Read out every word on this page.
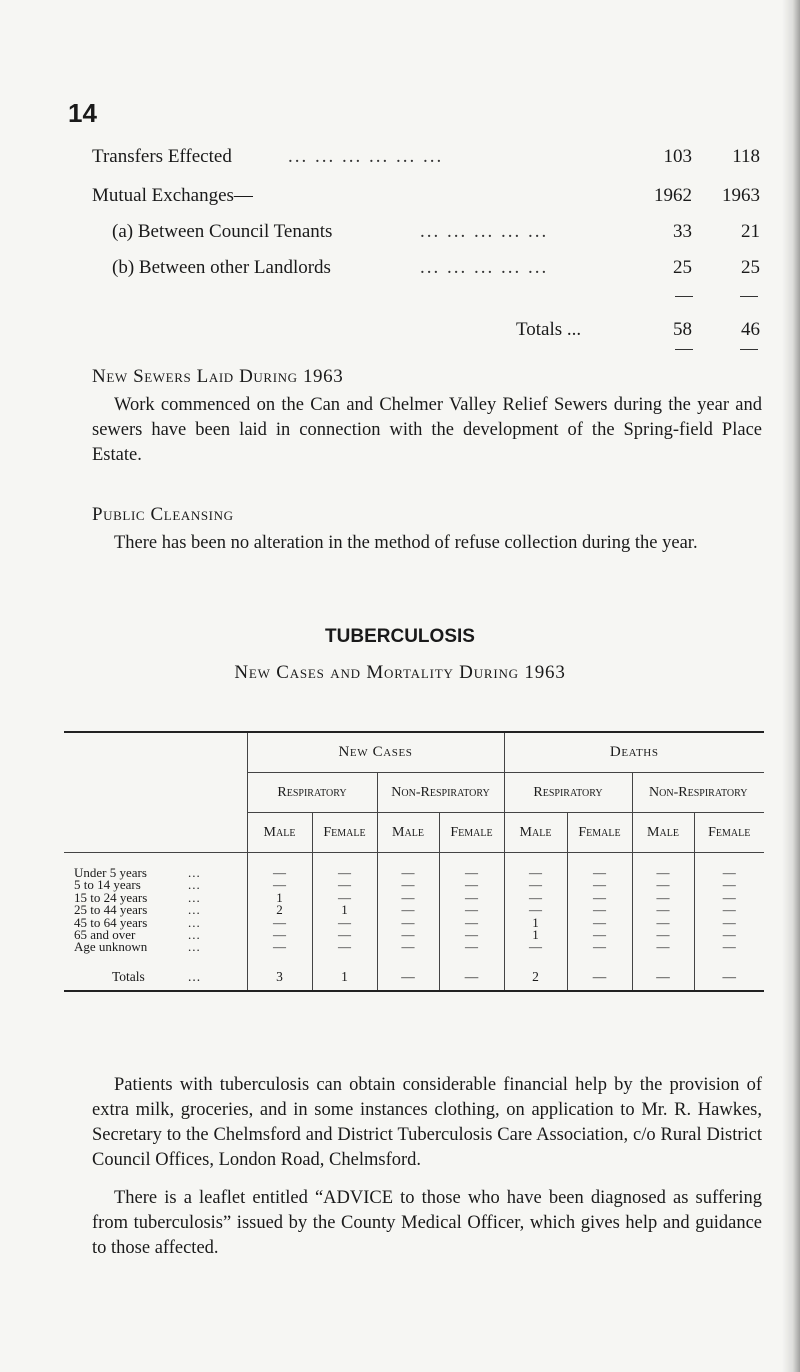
14
Transfers Effected	... ... ... ... ... ...	103	118
Mutual Exchanges—	1962	1963
(a) Between Council Tenants	... ... ... ... ...	33	21
(b) Between other Landlords	... ... ... ... ...	25	25
Totals ...	58	46
New Sewers Laid During 1963

Work commenced on the Can and Chelmer Valley Relief Sewers during the year and sewers have been laid in connection with the development of the Spring-field Place Estate.

Public Cleansing

There has been no alteration in the method of refuse collection during the year.

TUBERCULOSIS
New Cases and Mortality During 1963
	New Cases				Deaths			
	Respiratory		Non-Respiratory		Respiratory		Non-Respiratory	
	Male	Female	Male	Female	Male	Female	Male	Female

Under 5 years ...	—	—	—	—	—	—	—	—
5 to 14 years ...	—	—	—	—	—	—	—	—
15 to 24 years ...	1	—	—	—	—	—	—	—
25 to 44 years ...	2	1	—	—	—	—	—	—
45 to 64 years ...	—	—	—	—	1	—	—	—
65 and over ...	—	—	—	—	1	—	—	—
Age unknown ...	—	—	—	—	—	—	—	—

Totals ...	3	1	—	—	2	—	—	—

Patients with tuberculosis can obtain considerable financial help by the provision of extra milk, groceries, and in some instances clothing, on application to Mr. R. Hawkes, Secretary to the Chelmsford and District Tuberculosis Care Association, c/o Rural District Council Offices, London Road, Chelmsford.

There is a leaflet entitled “ADVICE to those who have been diagnosed as suffering from tuberculosis” issued by the County Medical Officer, which gives help and guidance to those affected.
